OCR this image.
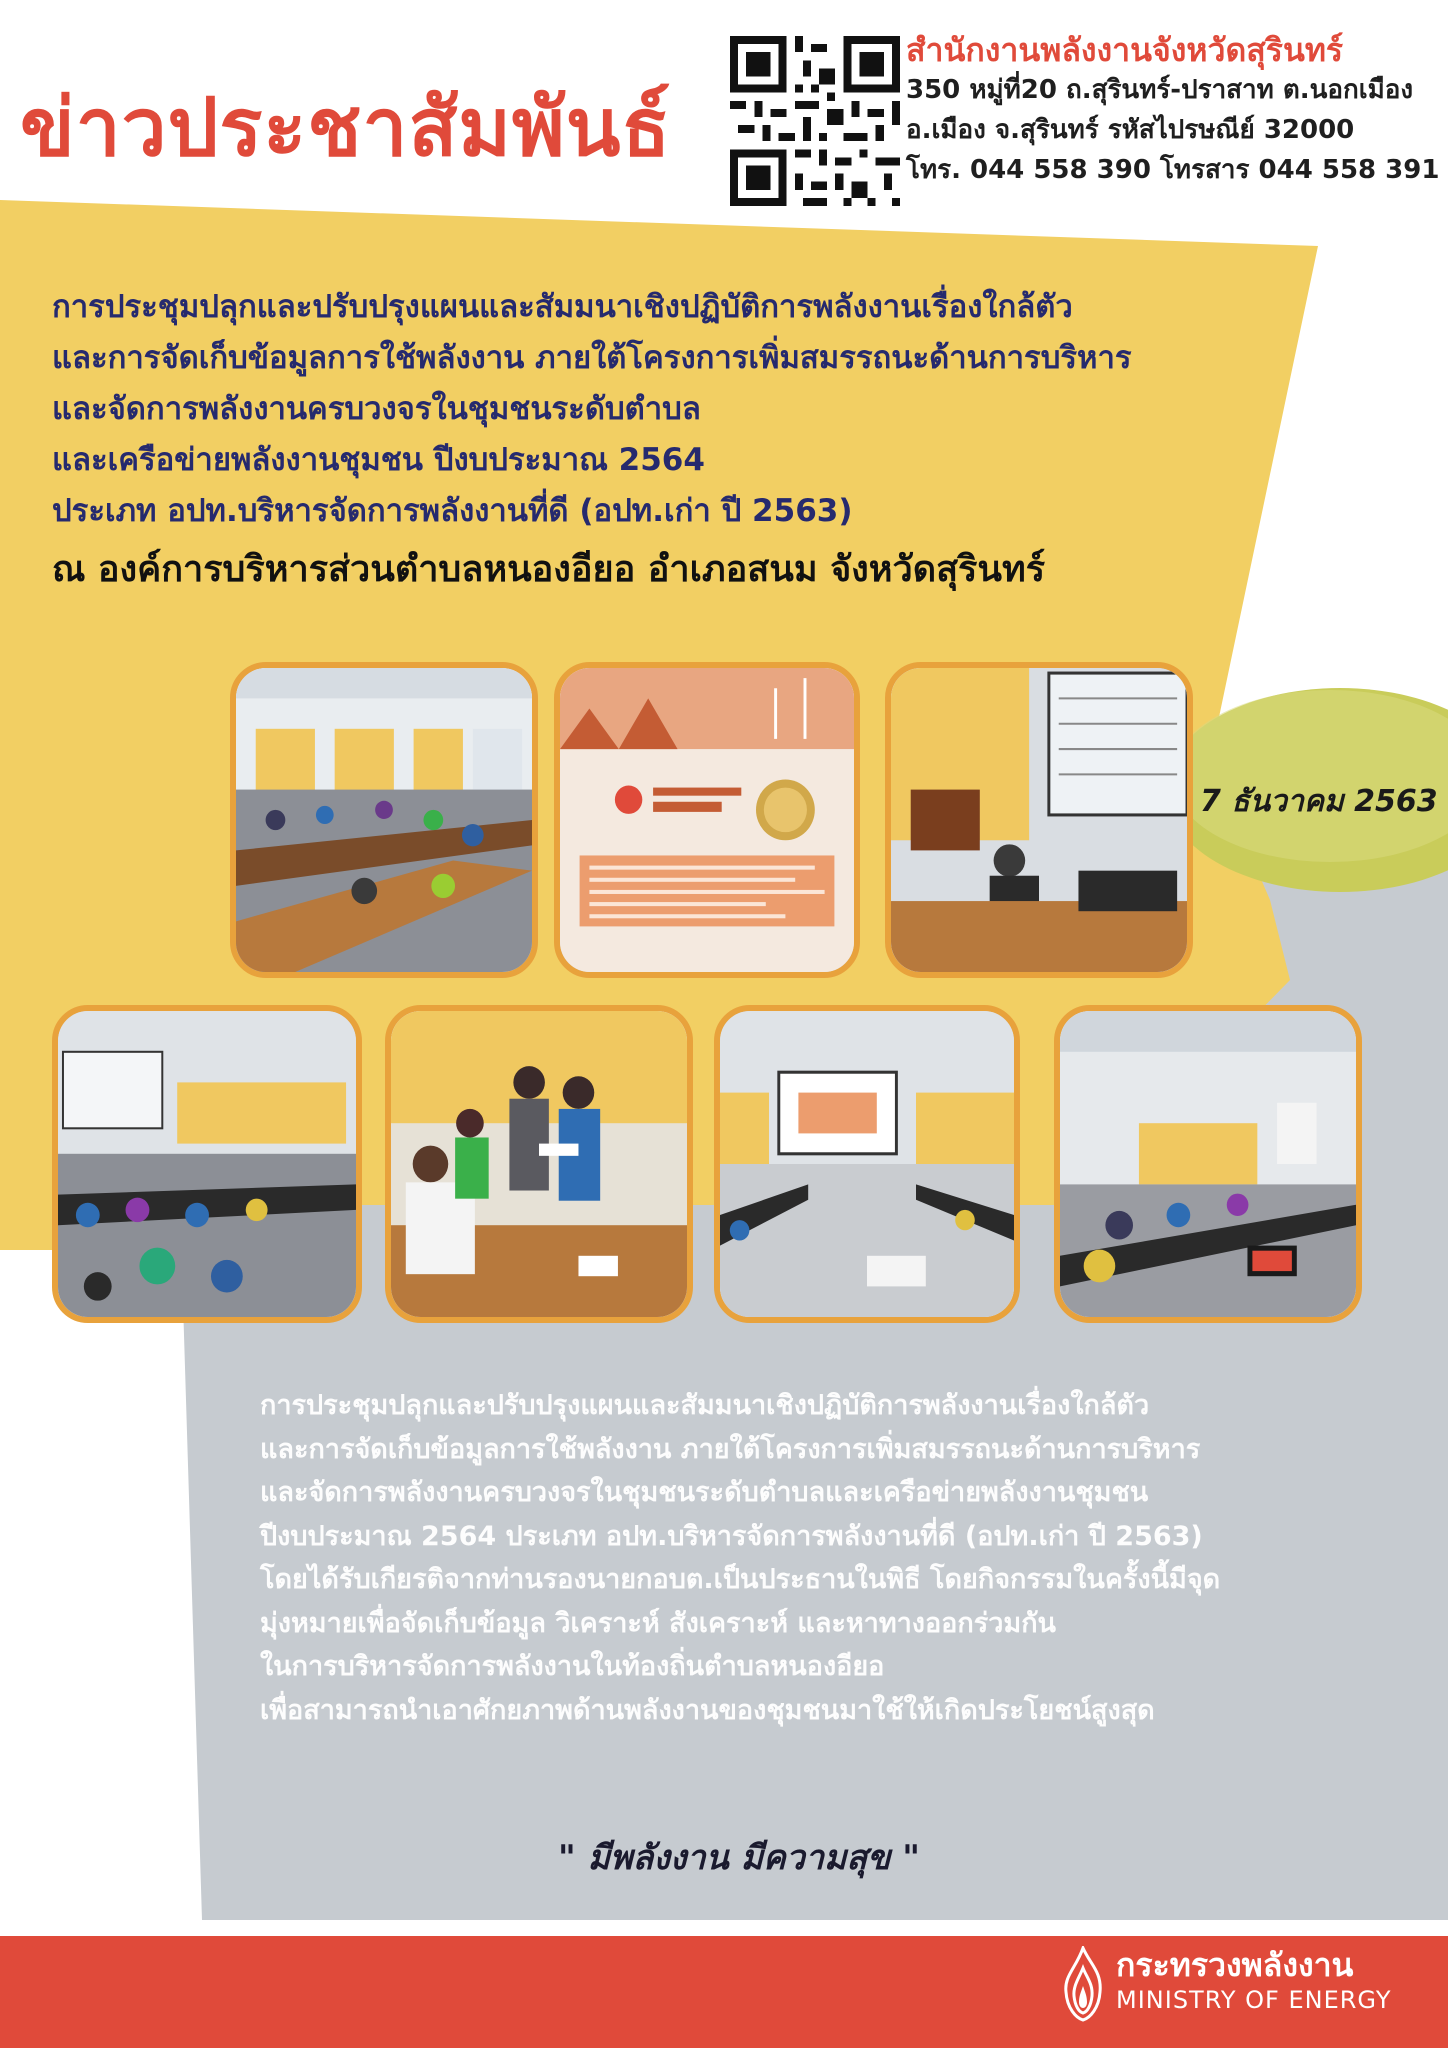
ข่าวประชาสัมพันธ์
สำนักงานพลังงานจังหวัดสุรินทร์
350 หมู่ที่20 ถ.สุรินทร์-ปราสาท ต.นอกเมือง
อ.เมือง จ.สุรินทร์ รหัสไปรษณีย์ 32000
โทร. 044 558 390 โทรสาร 044 558 391
การประชุมปลุกและปรับปรุงแผนและสัมมนาเชิงปฏิบัติการพลังงานเรื่องใกล้ตัว
และการจัดเก็บข้อมูลการใช้พลังงาน ภายใต้โครงการเพิ่มสมรรถนะด้านการบริหาร
และจัดการพลังงานครบวงจรในชุมชนระดับตำบล
และเครือข่ายพลังงานชุมชน ปีงบประมาณ 2564
ประเภท อปท.บริหารจัดการพลังงานที่ดี (อปท.เก่า ปี 2563)
ณ องค์การบริหารส่วนตำบลหนองอียอ อำเภอสนม จังหวัดสุรินทร์
7 ธันวาคม 2563
การประชุมปลุกและปรับปรุงแผนและสัมมนาเชิงปฏิบัติการพลังงานเรื่องใกล้ตัว
และการจัดเก็บข้อมูลการใช้พลังงาน ภายใต้โครงการเพิ่มสมรรถนะด้านการบริหาร
และจัดการพลังงานครบวงจรในชุมชนระดับตำบลและเครือข่ายพลังงานชุมชน
ปีงบประมาณ 2564 ประเภท อปท.บริหารจัดการพลังงานที่ดี (อปท.เก่า ปี 2563)
โดยได้รับเกียรติจากท่านรองนายกอบต.เป็นประธานในพิธี โดยกิจกรรมในครั้งนี้มีจุด
มุ่งหมายเพื่อจัดเก็บข้อมูล วิเคราะห์ สังเคราะห์ และหาทางออกร่วมกัน
ในการบริหารจัดการพลังงานในท้องถิ่นตำบลหนองอียอ
เพื่อสามารถนำเอาศักยภาพด้านพลังงานของชุมชนมาใช้ให้เกิดประโยชน์สูงสุด
" มีพลังงาน มีความสุข "
กระทรวงพลังงาน
MINISTRY OF ENERGY
